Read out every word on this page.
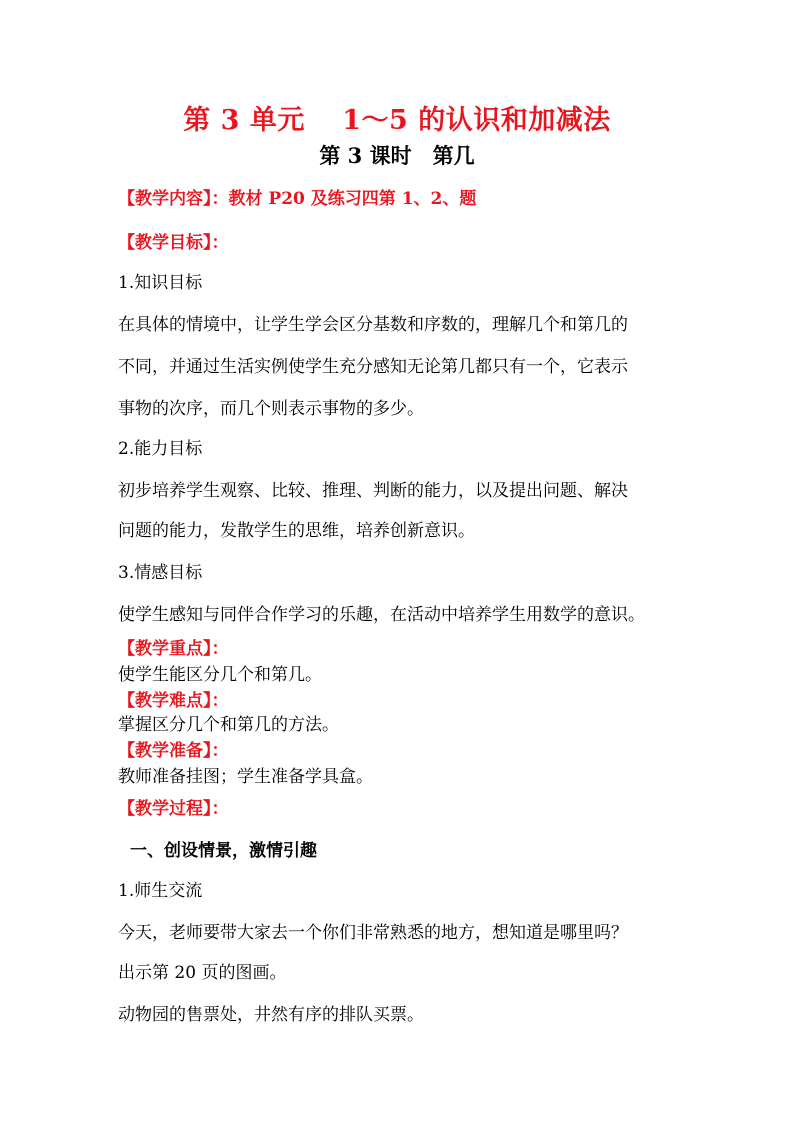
第 3 单元　 1～5 的认识和加减法
第 3 课时　第几
【教学内容】：教材 P20 及练习四第 1、2、题
【教学目标】：
1.知识目标
在具体的情境中，让学生学会区分基数和序数的，理解几个和第几的
不同，并通过生活实例使学生充分感知无论第几都只有一个，它表示
事物的次序，而几个则表示事物的多少。
2.能力目标
初步培养学生观察、比较、推理、判断的能力，以及提出问题、解决
问题的能力，发散学生的思维，培养创新意识。
3.情感目标
使学生感知与同伴合作学习的乐趣，在活动中培养学生用数学的意识。
【教学重点】：
使学生能区分几个和第几。
【教学难点】：
掌握区分几个和第几的方法。
【教学准备】：
教师准备挂图；学生准备学具盒。
【教学过程】：
一、创设情景，激情引趣
1.师生交流
今天，老师要带大家去一个你们非常熟悉的地方，想知道是哪里吗？
出示第 20 页的图画。
动物园的售票处，井然有序的排队买票。
